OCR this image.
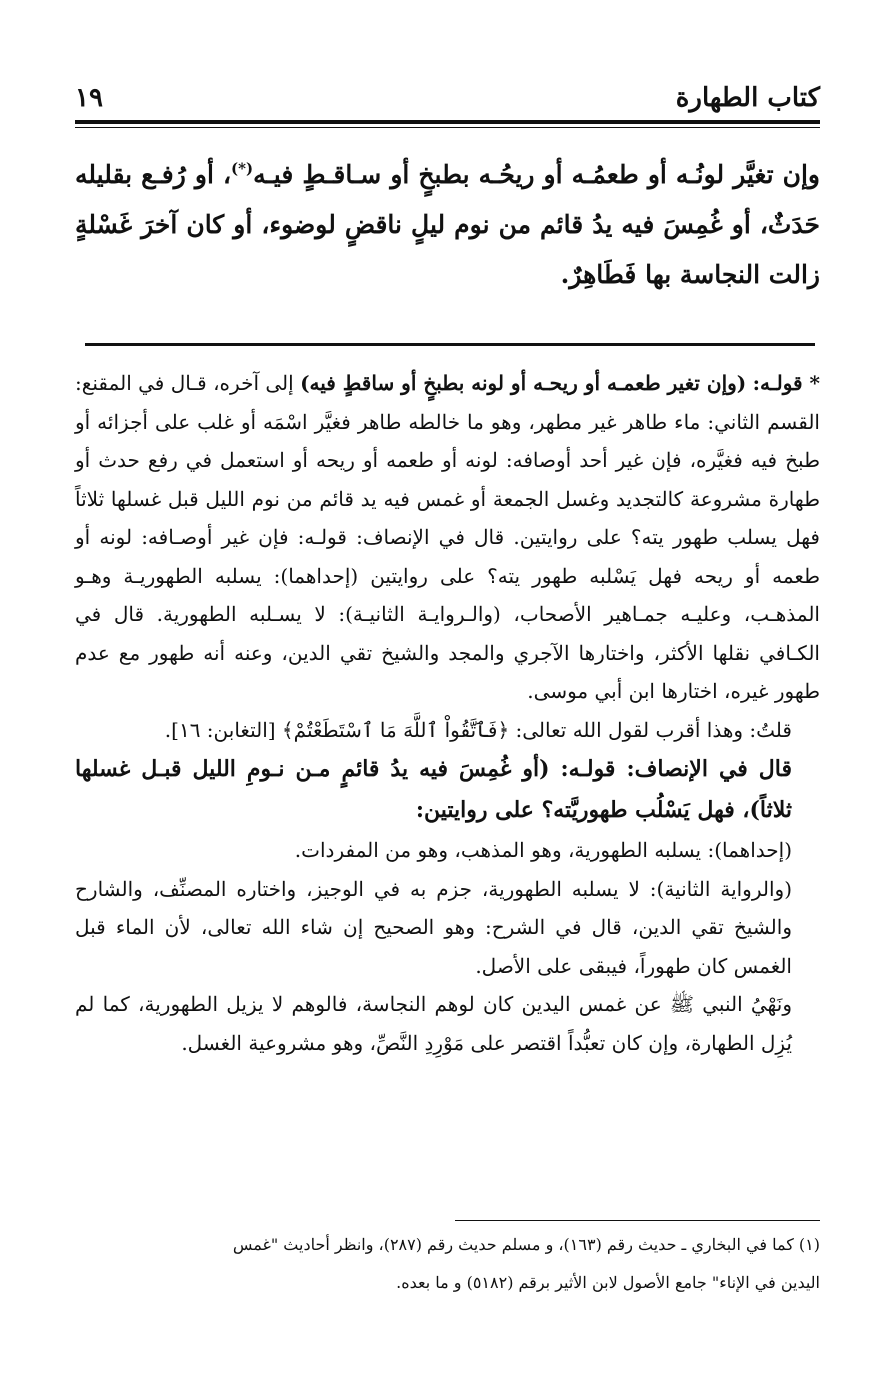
كتاب الطهارة
١٩
وإن تغيَّر لونُـه أو طعمُـه أو ريحُـه بطبخٍ أو سـاقـطٍ فيـه(*)، أو رُفـع بقليله حَدَثٌ، أو غُمِسَ فيه يدُ قائم من نوم ليلٍ ناقضٍ لوضوء، أو كان آخرَ غَسْلةٍ زالت النجاسة بها فَطَاهِرٌ.

* قولـه: (وإن تغير طعمـه أو ريحـه أو لونه بطبخٍ أو ساقطٍ فيه) إلى آخره، قـال في المقنع: القسم الثاني: ماء طاهر غير مطهر، وهو ما خالطه طاهر فغيَّر اسْمَه أو غلب على أجزائه أو طبخ فيه فغيَّره، فإن غير أحد أوصافه: لونه أو طعمه أو ريحه أو استعمل في رفع حدث أو طهارة مشروعة كالتجديد وغسل الجمعة أو غمس فيه يد قائم من نوم الليل قبل غسلها ثلاثاً فهل يسلب طهور يته؟ على روايتين. قال في الإنصاف: قولـه: فإن غير أوصـافه: لونه أو طعمه أو ريحه فهل يَسْلبه طهور يته؟ على روايتين (إحداهما): يسلبه الطهوريـة وهـو المذهـب، وعليـه جمـاهير الأصحاب، (والـروايـة الثانيـة): لا يسـلبه الطهورية. قال في الكـافي نقلها الأكثر، واختارها الآجري والمجد والشيخ تقي الدين، وعنه أنه طهور مع عدم طهور غيره، اختارها ابن أبي موسى.

قلتُ: وهذا أقرب لقول الله تعالى: ﴿فَٱتَّقُواْ ٱللَّهَ مَا ٱسْتَطَعْتُمْ﴾ [التغابن: ١٦].

قال في الإنصاف: قولـه: (أو غُمِسَ فيه يدُ قائمٍ مـن نـومِ الليل قبـل غسلها ثلاثاً)، فهل يَسْلُب طهوريَّته؟ على روايتين:

(إحداهما): يسلبه الطهورية، وهو المذهب، وهو من المفردات.

(والرواية الثانية): لا يسلبه الطهورية، جزم به في الوجيز، واختاره المصنِّف، والشارح والشيخ تقي الدين، قال في الشرح: وهو الصحيح إن شاء الله تعالى، لأن الماء قبل الغمس كان طهوراً، فيبقى على الأصل.

ونَهْيُ النبي ﷺ عن غمس اليدين كان لوهم النجاسة، فالوهم لا يزيل الطهورية، كما لم يُزِل الطهارة، وإن كان تعبُّداً اقتصر على مَوْرِدِ النَّصِّ، وهو مشروعية الغسل.

(١) كما في البخاري ـ حديث رقم (١٦٣)، و مسلم حديث رقم (٢٨٧)، وانظر أحاديث "غمس

اليدين في الإناء" جامع الأصول لابن الأثير برقم (٥١٨٢) و ما بعده.
